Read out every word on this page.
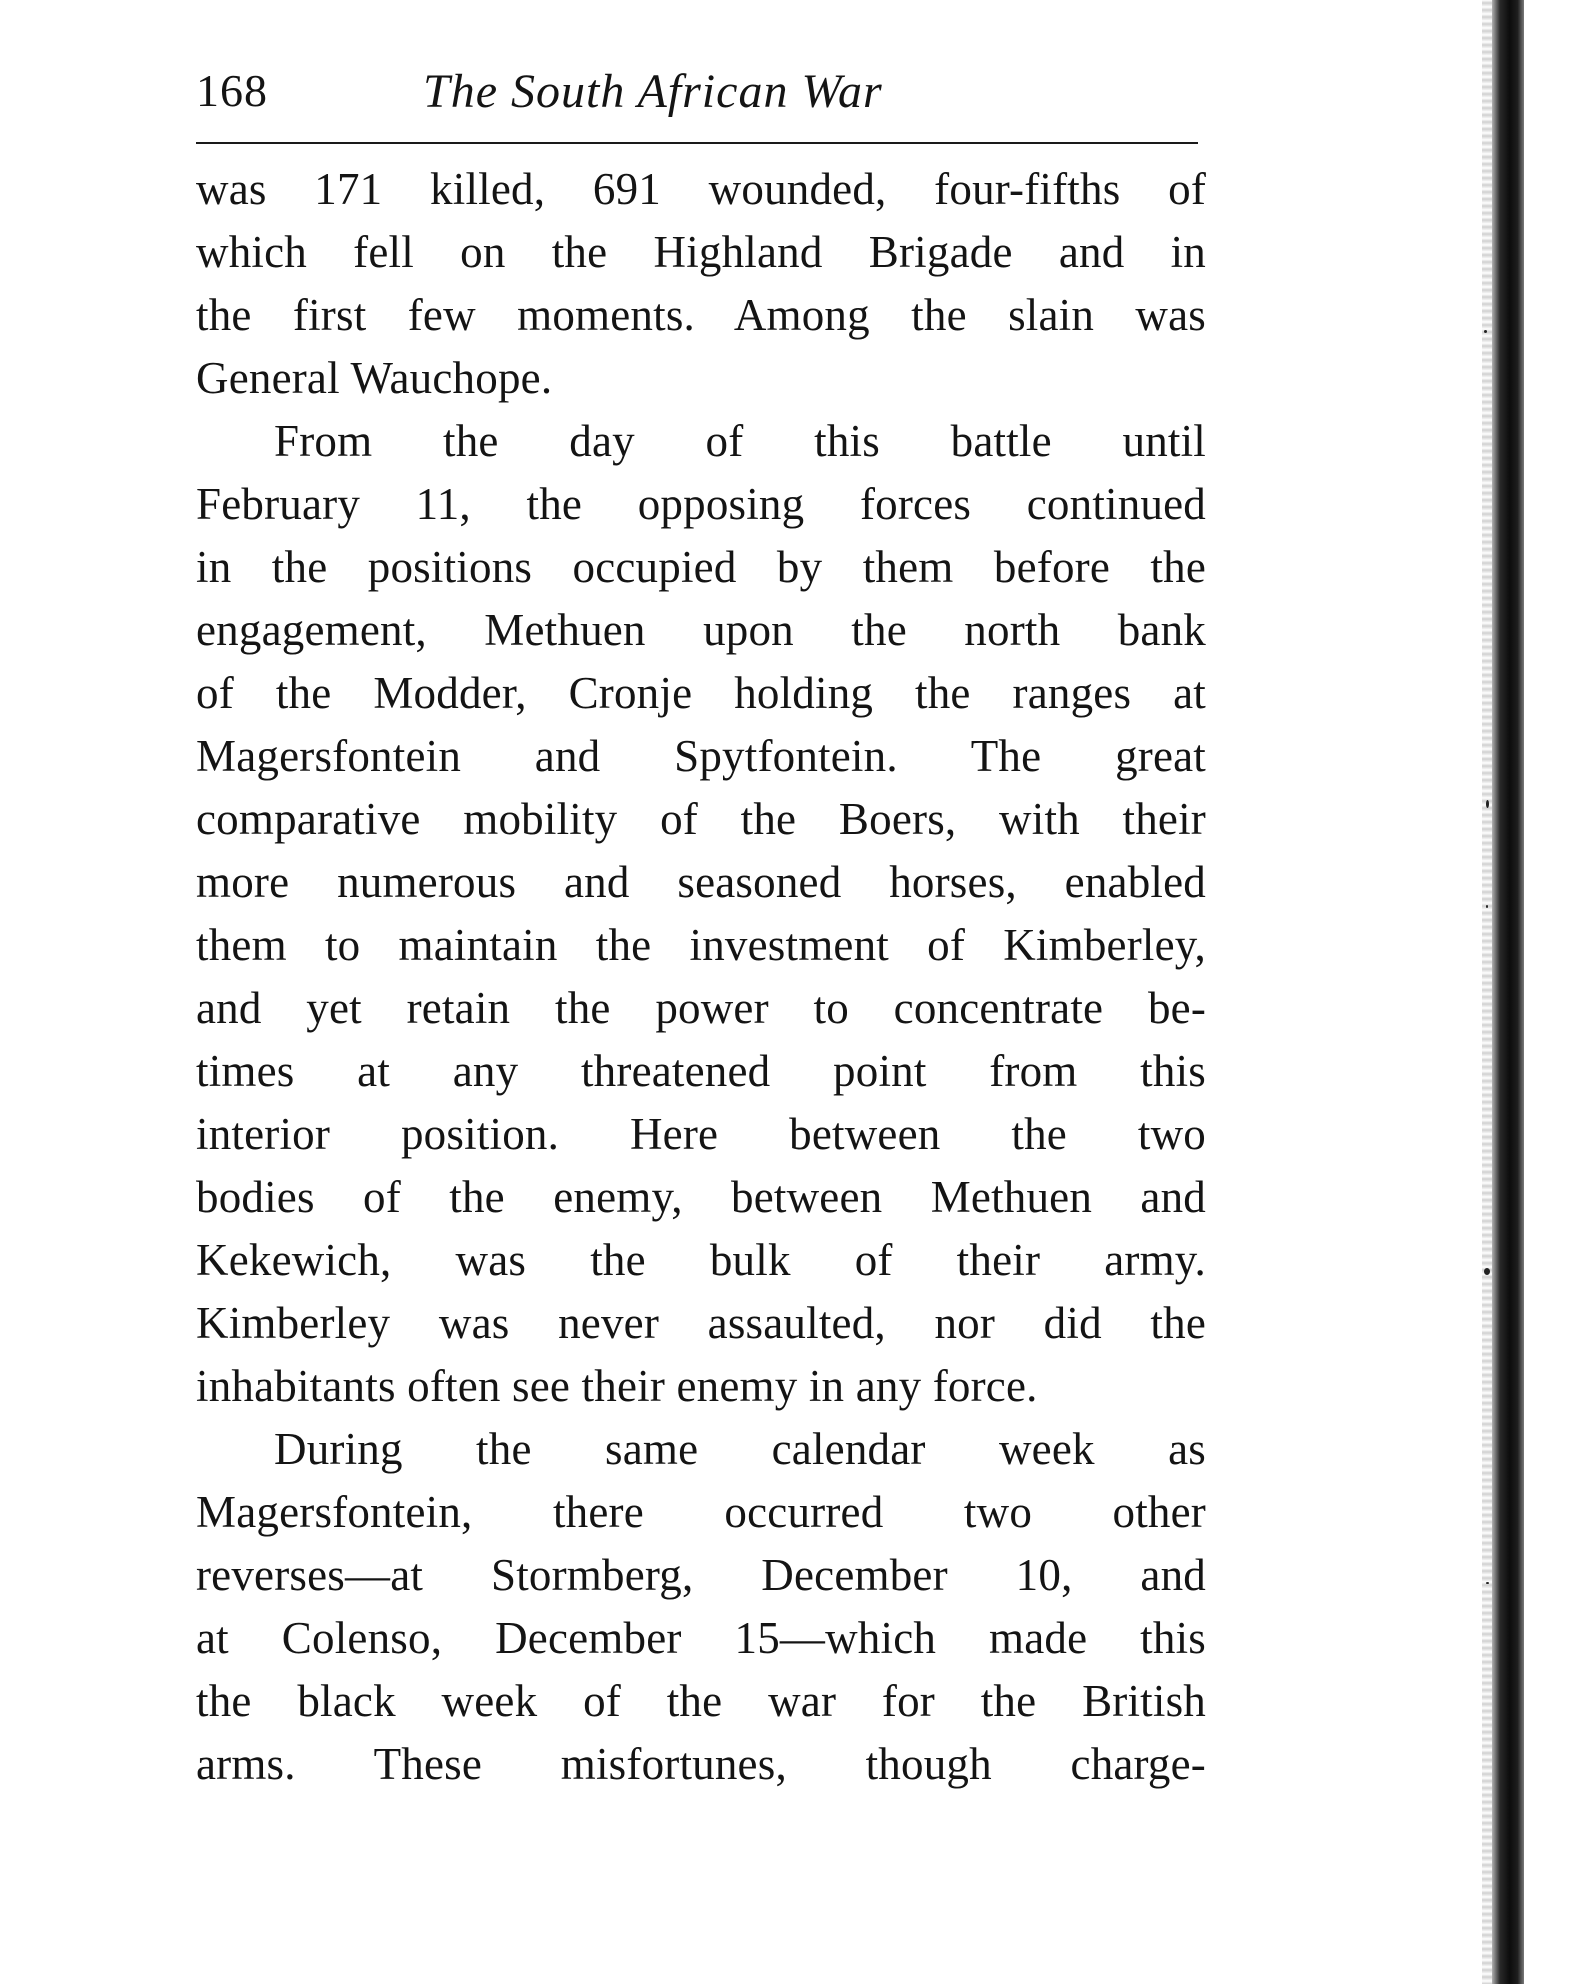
168	The South African War
was 171 killed, 691 wounded, four-fifths of
which fell on the Highland Brigade and in
the first few moments. Among the slain was
General Wauchope.
From the day of this battle until
February 11, the opposing forces continued
in the positions occupied by them before the
engagement, Methuen upon the north bank
of the Modder, Cronje holding the ranges at
Magersfontein and Spytfontein. The great
comparative mobility of the Boers, with their
more numerous and seasoned horses, enabled
them to maintain the investment of Kimberley,
and yet retain the power to concentrate be-
times at any threatened point from this
interior position. Here between the two
bodies of the enemy, between Methuen and
Kekewich, was the bulk of their army.
Kimberley was never assaulted, nor did the
inhabitants often see their enemy in any force.
During the same calendar week as
Magersfontein, there occurred two other
reverses—at Stormberg, December 10, and
at Colenso, December 15—which made this
the black week of the war for the British
arms. These misfortunes, though charge-
